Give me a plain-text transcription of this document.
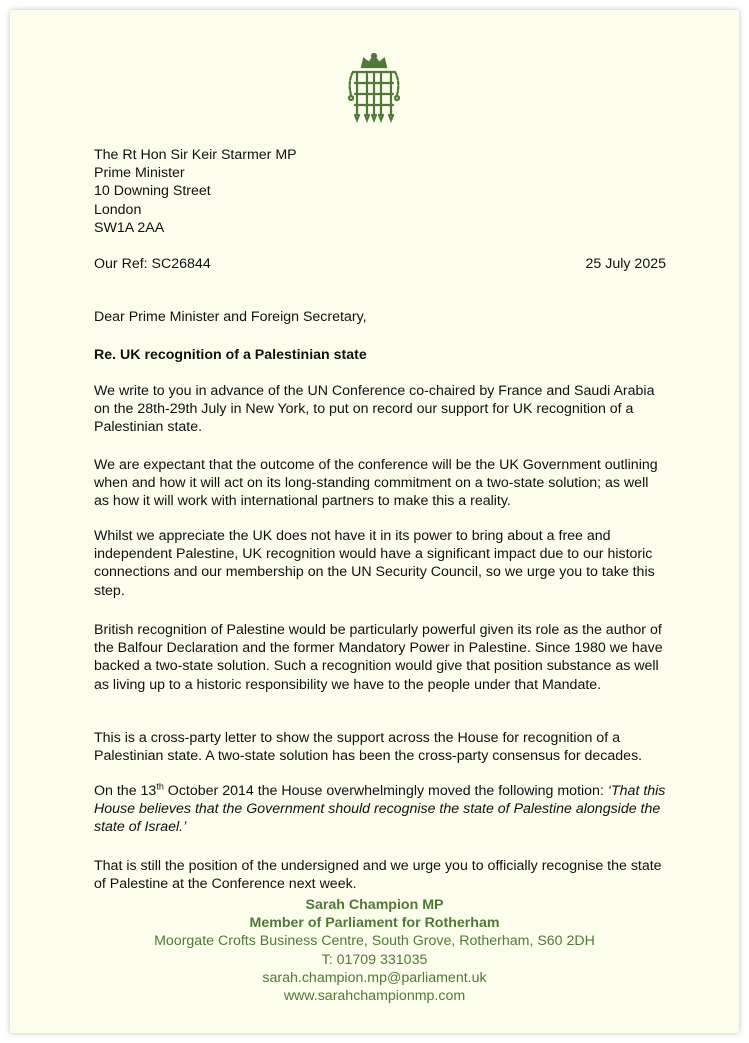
The Rt Hon Sir Keir Starmer MP
Prime Minister
10 Downing Street
London
SW1A 2AA
Our Ref: SC26844	25 July 2025

Dear Prime Minister and Foreign Secretary,

Re. UK recognition of a Palestinian state

We write to you in advance of the UN Conference co-chaired by France and Saudi Arabia on the 28th-29th July in New York, to put on record our support for UK recognition of a Palestinian state.

We are expectant that the outcome of the conference will be the UK Government outlining when and how it will act on its long-standing commitment on a two-state solution; as well as how it will work with international partners to make this a reality.

Whilst we appreciate the UK does not have it in its power to bring about a free and independent Palestine, UK recognition would have a significant impact due to our historic connections and our membership on the UN Security Council, so we urge you to take this step.

British recognition of Palestine would be particularly powerful given its role as the author of the Balfour Declaration and the former Mandatory Power in Palestine. Since 1980 we have backed a two-state solution. Such a recognition would give that position substance as well as living up to a historic responsibility we have to the people under that Mandate.

This is a cross-party letter to show the support across the House for recognition of a Palestinian state. A two-state solution has been the cross-party consensus for decades.

On the 13th October 2014 the House overwhelmingly moved the following motion: ‘That this House believes that the Government should recognise the state of Palestine alongside the state of Israel.’

That is still the position of the undersigned and we urge you to officially recognise the state of Palestine at the Conference next week.

Sarah Champion MP
Member of Parliament for Rotherham
Moorgate Crofts Business Centre, South Grove, Rotherham, S60 2DH
T: 01709 331035
sarah.champion.mp@parliament.uk
www.sarahchampionmp.com
